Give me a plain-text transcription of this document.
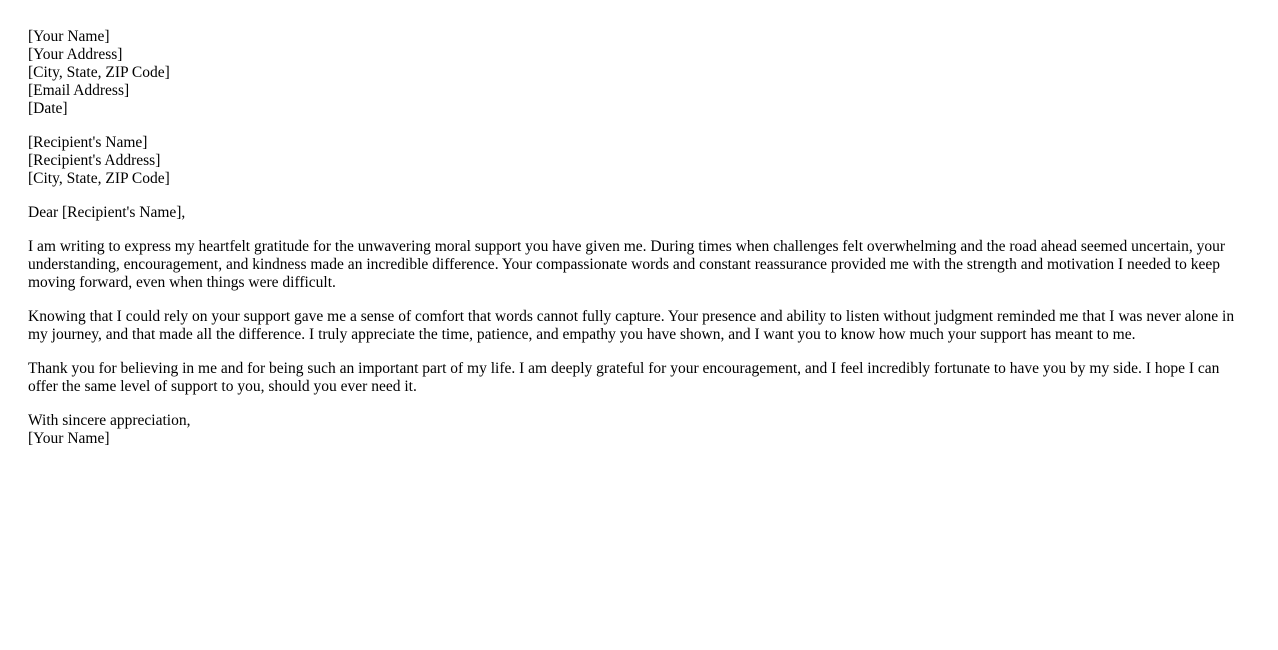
[Your Name]
[Your Address]
[City, State, ZIP Code]
[Email Address]
[Date]
[Recipient's Name]
[Recipient's Address]
[City, State, ZIP Code]

Dear [Recipient's Name],

I am writing to express my heartfelt gratitude for the unwavering moral support you have given me. During times when challenges felt overwhelming and the road ahead seemed uncertain, your understanding, encouragement, and kindness made an incredible difference. Your compassionate words and constant reassurance provided me with the strength and motivation I needed to keep moving forward, even when things were difficult.

Knowing that I could rely on your support gave me a sense of comfort that words cannot fully capture. Your presence and ability to listen without judgment reminded me that I was never alone in my journey, and that made all the difference. I truly appreciate the time, patience, and empathy you have shown, and I want you to know how much your support has meant to me.

Thank you for believing in me and for being such an important part of my life. I am deeply grateful for your encouragement, and I feel incredibly fortunate to have you by my side. I hope I can offer the same level of support to you, should you ever need it.

With sincere appreciation,
[Your Name]
